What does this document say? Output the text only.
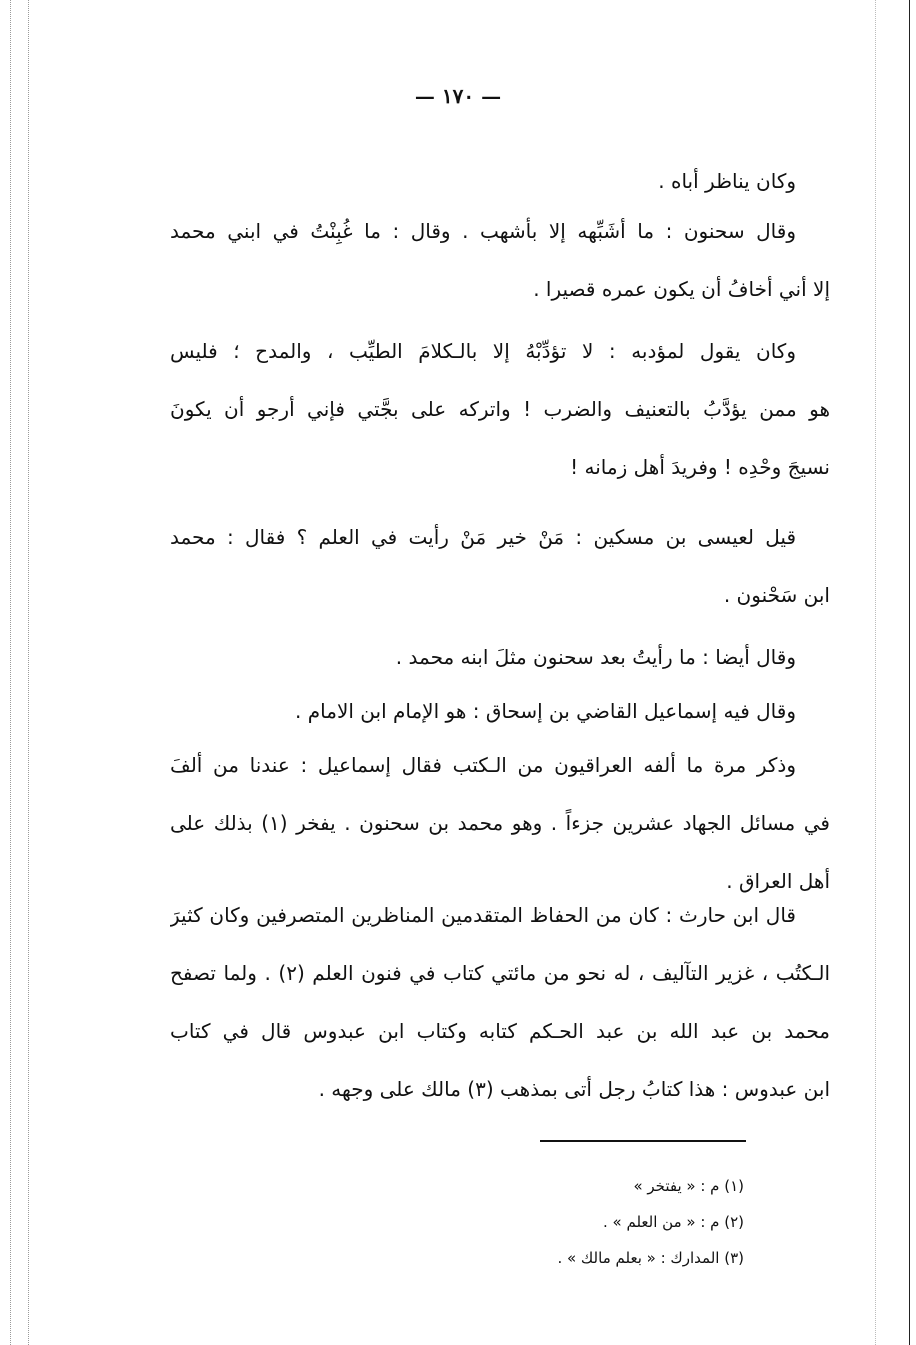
— ١٧٠ —
وكان يناظر أباه .
وقال سحنون : ما أشَبِّهه إلا بأشهب . وقال : ما غُبِنْتُ في ابني محمد
إلا أني أخافُ أن يكون عمره قصيرا .
وكان يقول لمؤدبه : لا تؤدِّبْهُ إلا بالـكلامَ الطيِّب ، والمدح ؛ فليس
هو ممن يؤدَّبُ بالتعنيف والضرب ! واتركه على بجَّتي فإني أرجو أن يكونَ
نسيجَ وحْدِه ! وفريدَ أهل زمانه !
قيل لعيسى بن مسكين : مَنْ خير مَنْ رأيت في العلم ؟ فقال : محمد
ابن سَحْنون .
وقال أيضا : ما رأيتُ بعد سحنون مثلَ ابنه محمد .
وقال فيه إسماعيل القاضي بن إسحاق : هو الإمام ابن الامام .
وذكر مرة ما ألفه العراقيون من الـكتب فقال إسماعيل : عندنا من ألفَ
في مسائل الجهاد عشرين جزءاً . وهو محمد بن سحنون . يفخر (١) بذلك على
أهل العراق .
قال ابن حارث : كان من الحفاظ المتقدمين المناظرين المتصرفين وكان كثيرَ
الـكتُب ، غزير التآليف ، له نحو من مائتي كتاب في فنون العلم (٢) . ولما تصفح
محمد بن عبد الله بن عبد الحـكم كتابه وكتاب ابن عبدوس قال في كتاب
ابن عبدوس : هذا كتابُ رجل أتى بمذهب (٣) مالك على وجهه .
(١) م : « يفتخر »
(٢) م : « من العلم » .
(٣) المدارك : « بعلم مالك » .
